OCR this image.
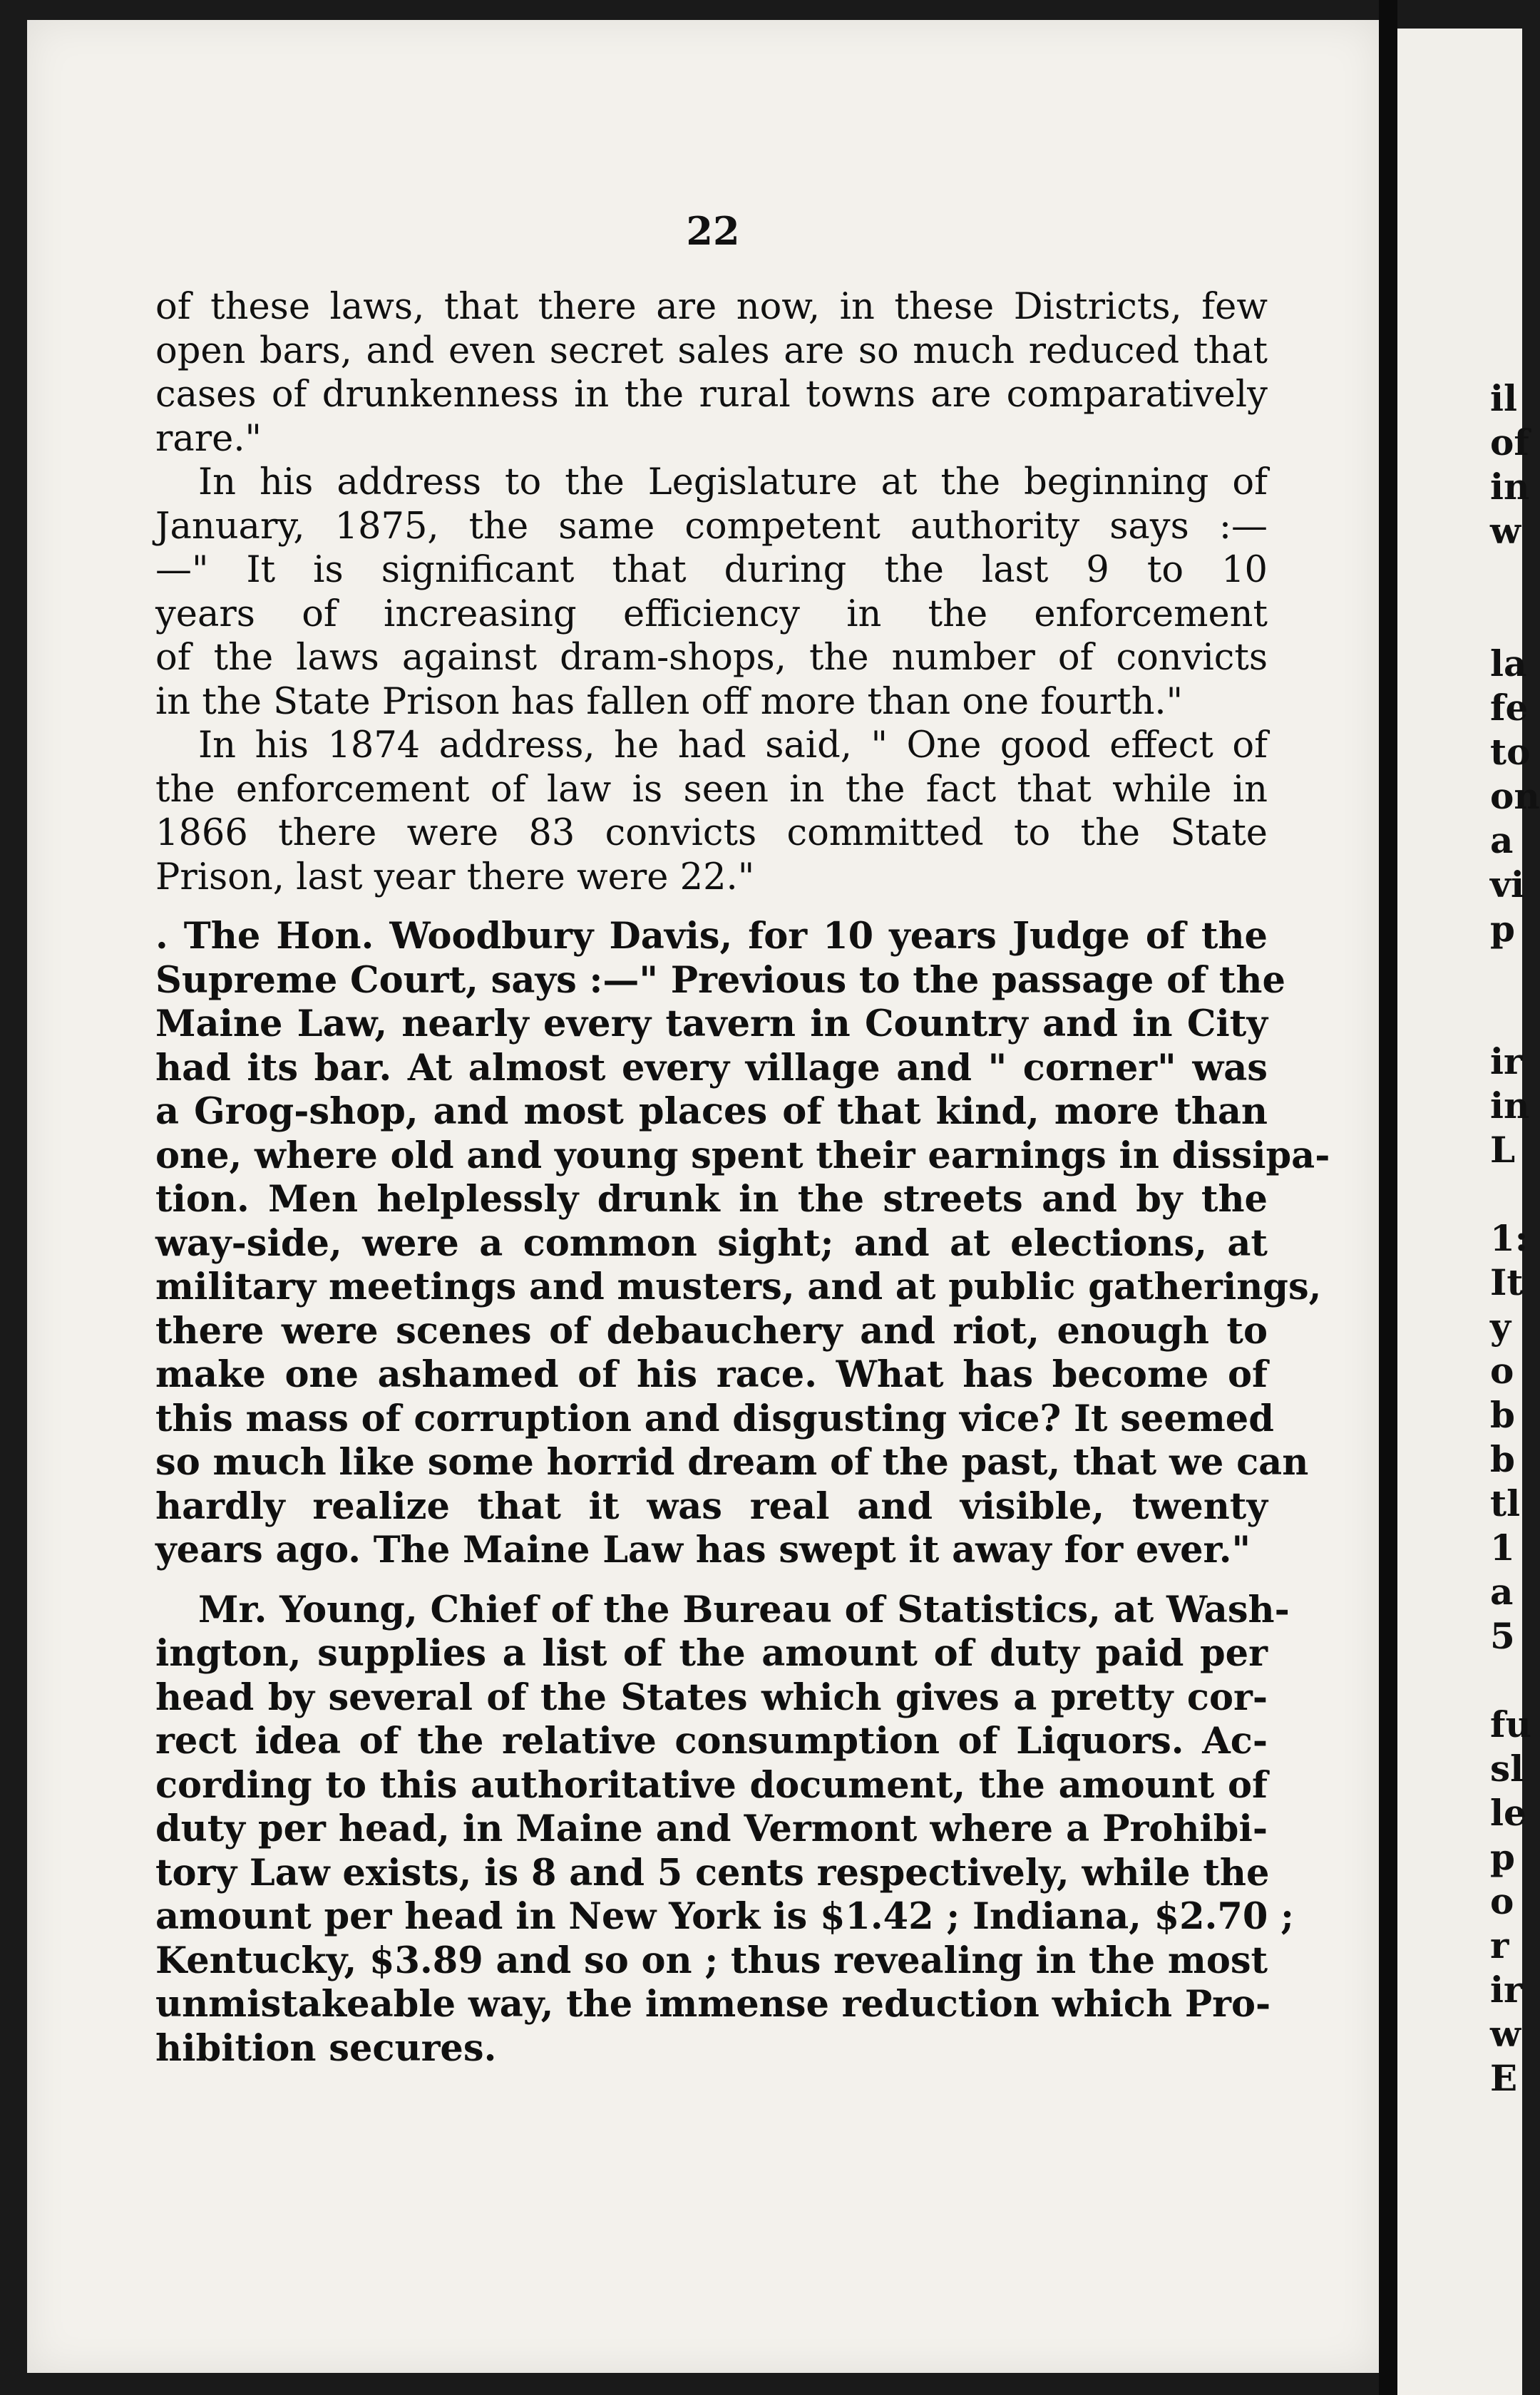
22
of these laws, that there are now, in these Districts, few
open bars, and even secret sales are so much reduced that
cases of drunkenness in the rural towns are comparatively
rare."
In his address to the Legislature at the beginning of
January, 1875, the same competent authority says :—
—" It is significant that during the last 9 to 10
years of increasing efficiency in the enforcement
of the laws against dram-shops, the number of convicts
in the State Prison has fallen off more than one fourth."
In his 1874 address, he had said, " One good effect of
the enforcement of law is seen in the fact that while in
1866 there were 83 convicts committed to the State
Prison, last year there were 22."
. The Hon. Woodbury Davis, for 10 years Judge of the
Supreme Court, says :—" Previous to the passage of the
Maine Law, nearly every tavern in Country and in City
had its bar. At almost every village and " corner" was
a Grog-shop, and most places of that kind, more than
one, where old and young spent their earnings in dissipa-
tion. Men helplessly drunk in the streets and by the
way-side, were a common sight; and at elections, at
military meetings and musters, and at public gatherings,
there were scenes of debauchery and riot, enough to
make one ashamed of his race. What has become of
this mass of corruption and disgusting vice? It seemed
so much like some horrid dream of the past, that we can
hardly realize that it was real and visible, twenty
years ago. The Maine Law has swept it away for ever."
Mr. Young, Chief of the Bureau of Statistics, at Wash-
ington, supplies a list of the amount of duty paid per
head by several of the States which gives a pretty cor-
rect idea of the relative consumption of Liquors. Ac-
cording to this authoritative document, the amount of
duty per head, in Maine and Vermont where a Prohibi-
tory Law exists, is 8 and 5 cents respectively, while the
amount per head in New York is $1.42 ; Indiana, $2.70 ;
Kentucky, $3.89 and so on ; thus revealing in the most
unmistakeable way, the immense reduction which Pro-
hibition secures.
il
of
in
w
la
fe
to
on
a
vi
p
ir
in
L
1:
It
y
o
b
b
tl
1
a
5
fu
sl
le
p
o
r
ir
w
E
